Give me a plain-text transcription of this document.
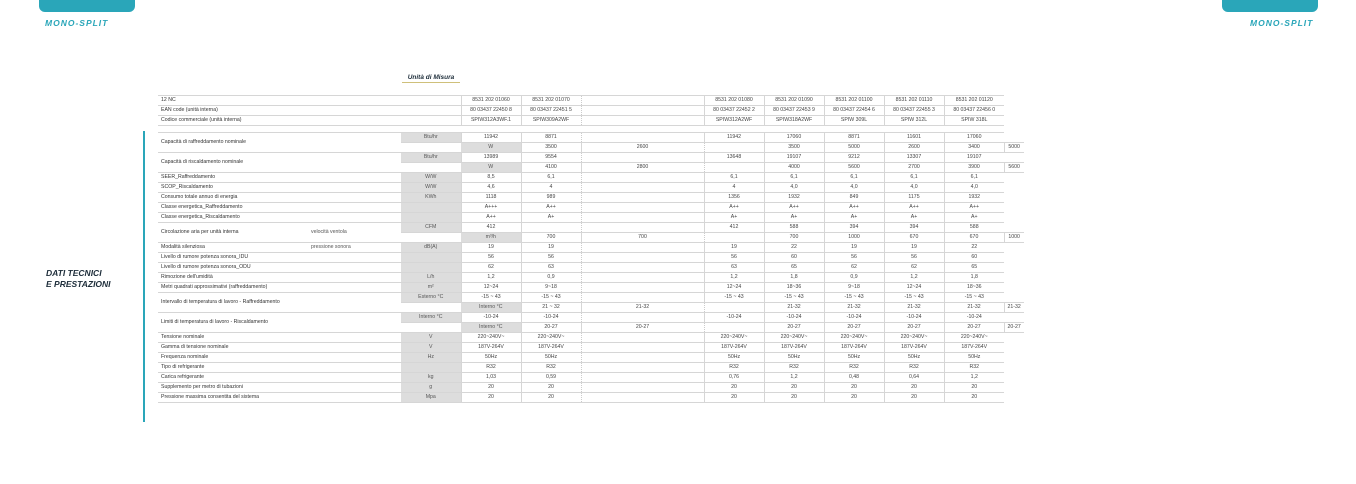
MONO-SPLIT	MONO-SPLIT
DATI TECNICI
E PRESTAZIONI
Unità di Misura
12 NC	8531 202 01060	8531 202 01070		8531 202 01080	8531 202 01090	8531 202 01100	8531 202 01110	8531 202 01120
EAN code (unità interna)	80 03437 22450 8	80 03437 22451 5		80 03437 22452 2	80 03437 22453 9	80 03437 22454 6	80 03437 22455 3	80 03437 22456 0
Codice commerciale (unità interna)	SPIW312A3WF.1	SPIW309A2WF		SPIW312A2WF	SPIW318A2WF	SPIW 309L	SPIW 312L	SPIW 318L
Capacità di raffreddamento nominale		Btu/hr	11942	8871		11942	17060	8871	11601	17060	
			W	3500	2600		3500	5000	2600	3400	5000
Capacità di riscaldamento nominale		Btu/hr	13989	9554		13648	19107	9212	13307	19107	
			W	4100	2800		4000	5600	2700	3900	5600
SEER_Raffreddamento		W/W	8,5	6,1		6,1	6,1	6,1	6,1	6,1	
SCOP_Riscaldamento		W/W	4,6	4		4	4,0	4,0	4,0	4,0	
Consumo totale annuo di energia		KWh	1118	989		1356	1932	849	1175	1932	
Classe energetica_Raffreddamento			A+++	A++		A++	A++	A++	A++	A++	
Classe energetica_Riscaldamento			A++	A+		A+	A+	A+	A+	A+	
Circolazione aria per unità interna	velocità ventola	CFM	412			412	588	394	394	588	
			m³/h	700	700		700	1000	670	670	1000
Modalità silenziosa	pressione sonora	dB(A)	19	19		19	22	19	19	22	
Livello di rumore potenza sonora_IDU			56	56		56	60	56	56	60	
Livello di rumore potenza sonora_ODU			62	63		63	65	62	62	65	
Rimozione dell'umidità		L/h	1,2	0,9		1,2	1,8	0,9	1,2	1,8	
Metri quadrati approssimativi (raffreddamento)		m²	12~24	9~18		12~24	18~36	9~18	12~24	18~36	
Intervallo di temperatura di lavoro - Raffreddamento		Esterno °C	-15 ~ 43	-15 ~ 43		-15 ~ 43	-15 ~ 43	-15 ~ 43	-15 ~ 43	-15 ~ 43	
			Interno °C	21 ~ 32	21-32		21-32	21-32	21-32	21-32	21-32
Limiti di temperatura di lavoro - Riscaldamento		Interno °C	-10-24	-10-24		-10-24	-10-24	-10-24	-10-24	-10-24	
			Interno °C	20-27	20-27		20-27	20-27	20-27	20-27	20-27
Tensione nominale		V	220~240V~	220~240V~		220~240V~	220~240V~	220~240V~	220~240V~	220~240V~	
Gamma di tensione nominale		V	187V-264V	187V-264V		187V-264V	187V-264V	187V-264V	187V-264V	187V-264V	
Frequenza nominale		Hz	50Hz	50Hz		50Hz	50Hz	50Hz	50Hz	50Hz	
Tipo di refrigerante			R32	R32		R32	R32	R32	R32	R32	
Carica refrigerante		kg	1,03	0,59		0,76	1,2	0,48	0,64	1,2	
Supplemento per metro di tubazioni		g	20	20		20	20	20	20	20	
Pressione massima consentita del sistema		Mpa	20	20		20	20	20	20	20	
